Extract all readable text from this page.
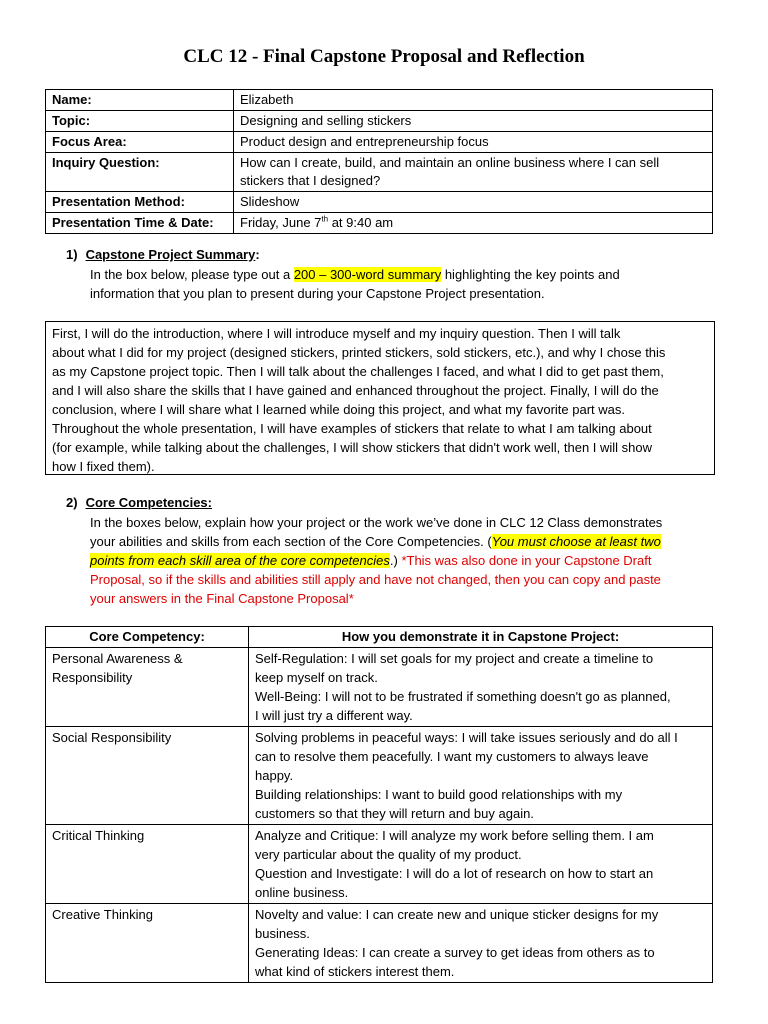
CLC 12 - Final Capstone Proposal and Reflection
Name:	Elizabeth
Topic:	Designing and selling stickers
Focus Area:	Product design and entrepreneurship focus
Inquiry Question:	How can I create, build, and maintain an online business where I can sell
stickers that I designed?

Presentation Method:	Slideshow
Presentation Time & Date:	Friday, June 7th at 9:40 am
1) Capstone Project Summary:
In the box below, please type out a 200 – 300-word summary highlighting the key points and
information that you plan to present during your Capstone Project presentation.
First, I will do the introduction, where I will introduce myself and my inquiry question. Then I will talk
about what I did for my project (designed stickers, printed stickers, sold stickers, etc.), and why I chose this
as my Capstone project topic. Then I will talk about the challenges I faced, and what I did to get past them,
and I will also share the skills that I have gained and enhanced throughout the project. Finally, I will do the
conclusion, where I will share what I learned while doing this project, and what my favorite part was.
Throughout the whole presentation, I will have examples of stickers that relate to what I am talking about
(for example, while talking about the challenges, I will show stickers that didn't work well, then I will show
how I fixed them).
2) Core Competencies:
In the boxes below, explain how your project or the work we’ve done in CLC 12 Class demonstrates
your abilities and skills from each section of the Core Competencies. (You must choose at least two
points from each skill area of the core competencies.) *This was also done in your Capstone Draft
Proposal, so if the skills and abilities still apply and have not changed, then you can copy and paste
your answers in the Final Capstone Proposal*
Core Competency:	How you demonstrate it in Capstone Project:

Personal Awareness &
Responsibility	Self-Regulation: I will set goals for my project and create a timeline to
keep myself on track.
Well-Being: I will not to be frustrated if something doesn't go as planned,
I will just try a different way.

Social Responsibility	Solving problems in peaceful ways: I will take issues seriously and do all I
can to resolve them peacefully. I want my customers to always leave
happy.
Building relationships: I want to build good relationships with my
customers so that they will return and buy again.

Critical Thinking	Analyze and Critique: I will analyze my work before selling them. I am
very particular about the quality of my product.
Question and Investigate: I will do a lot of research on how to start an
online business.

Creative Thinking	Novelty and value: I can create new and unique sticker designs for my
business.
Generating Ideas: I can create a survey to get ideas from others as to
what kind of stickers interest them.
